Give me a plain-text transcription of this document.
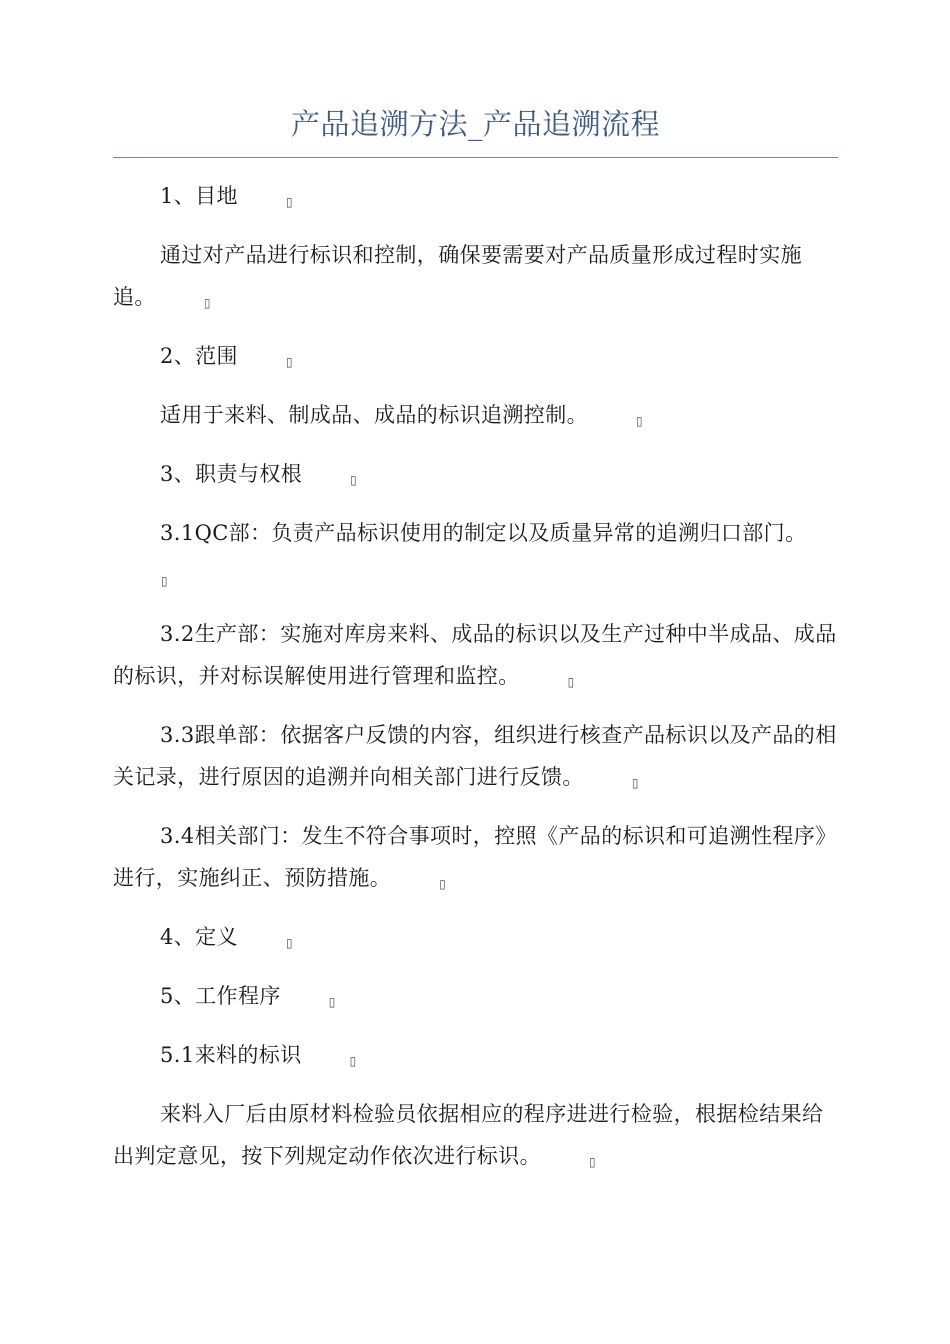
产品追溯方法_产品追溯流程

1、目地	▯

通过对产品进行标识和控制，确保要需要对产品质量形成过程时实施追。	▯

2、范围	▯

适用于来料、制成品、成品的标识追溯控制。	▯

3、职责与权根	▯

3.1QC部：负责产品标识使用的制定以及质量异常的追溯归口部门。▯

3.2生产部：实施对库房来料、成品的标识以及生产过种中半成品、成品的标识，并对标误解使用进行管理和监控。	▯

3.3跟单部：依据客户反馈的内容，组织进行核查产品标识以及产品的相关记录，进行原因的追溯并向相关部门进行反馈。	▯

3.4相关部门：发生不符合事项时，控照《产品的标识和可追溯性程序》进行，实施纠正、预防措施。	▯

4、定义	▯

5、工作程序	▯

5.1来料的标识	▯

来料入厂后由原材料检验员依据相应的程序进进行检验，根据检结果给出判定意见，按下列规定动作依次进行标识。	▯
